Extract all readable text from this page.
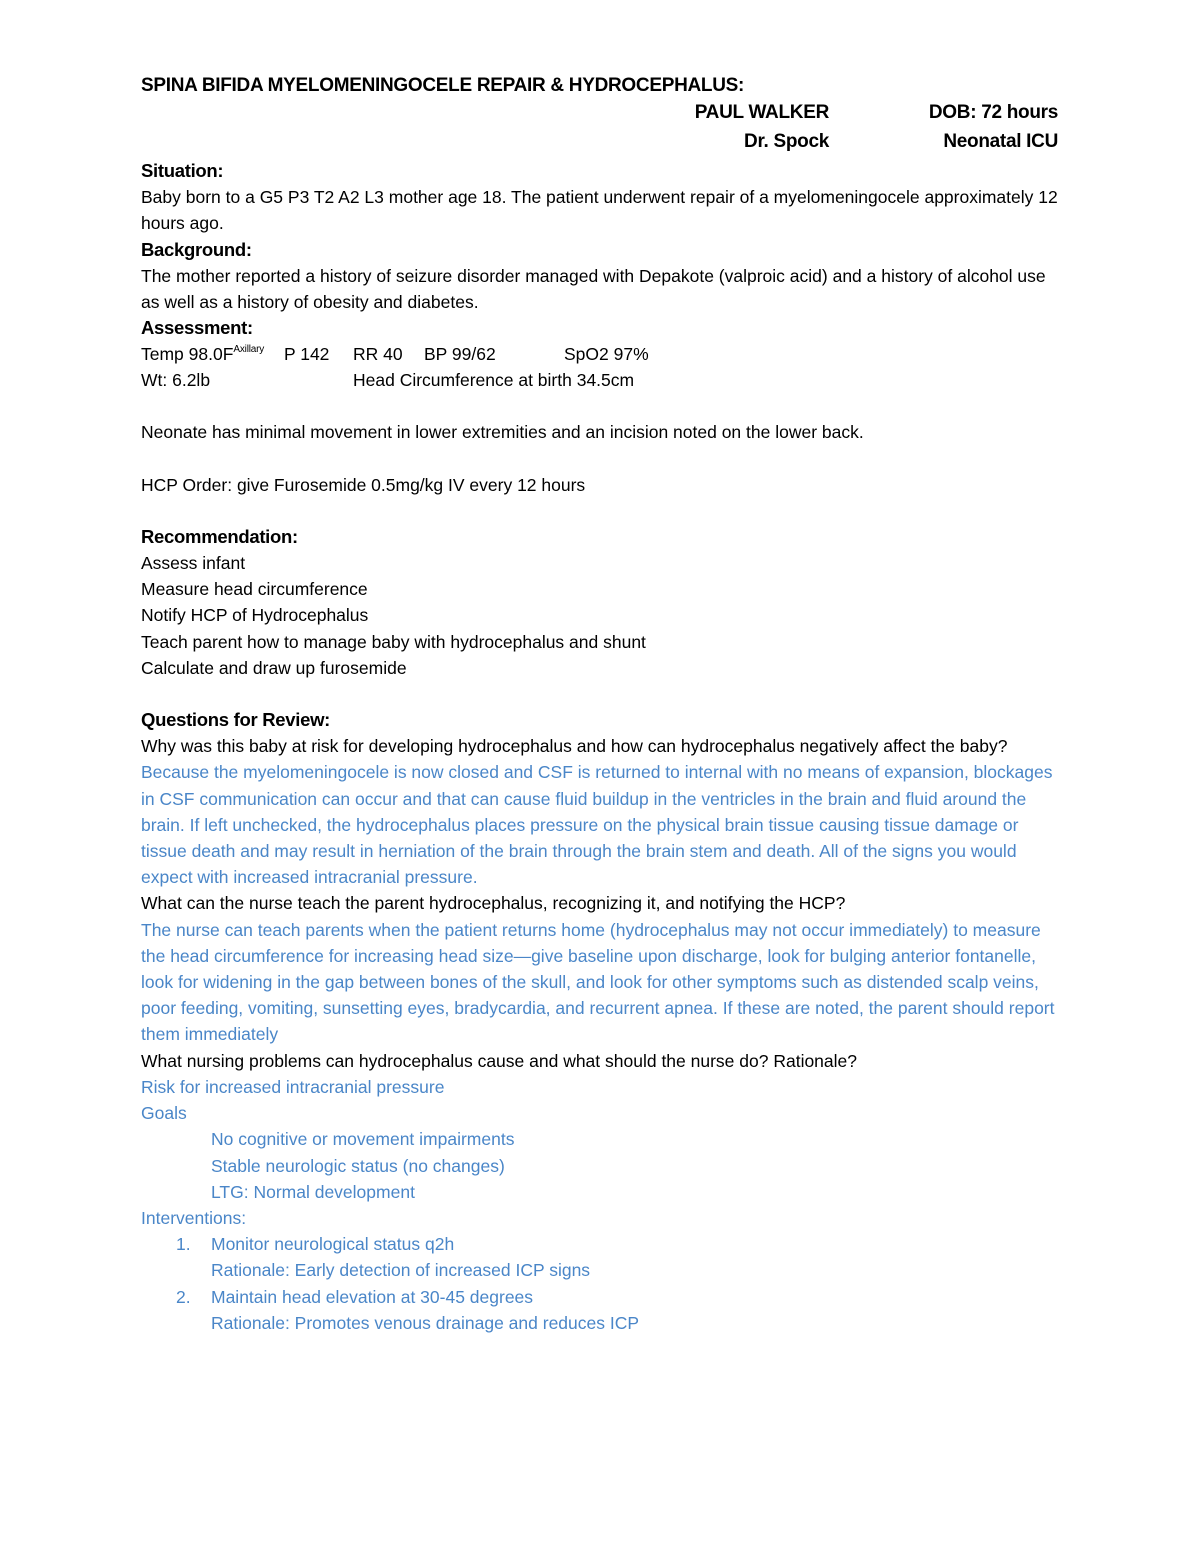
SPINA BIFIDA MYELOMENINGOCELE REPAIR & HYDROCEPHALUS:
PAUL WALKER	DOB: 72 hours
Dr. Spock	Neonatal ICU
Situation:
Baby born to a G5 P3 T2 A2 L3 mother age 18. The patient underwent repair of a myelomeningocele approximately 12 hours ago.
Background:
The mother reported a history of seizure disorder managed with Depakote (valproic acid) and a history of alcohol use as well as a history of obesity and diabetes.
Assessment:
Temp $98.0F^{Axillary}$ P 142 RR 40 BP 99/62	SpO2 97%
Wt: 6.2lb	Head Circumference at birth 34.5cm
Neonate has minimal movement in lower extremities and an incision noted on the lower back.
HCP Order: give Furosemide 0.5mg/kg IV every 12 hours
Recommendation:
Assess infant
Measure head circumference
Notify HCP of Hydrocephalus
Teach parent how to manage baby with hydrocephalus and shunt
Calculate and draw up furosemide
Questions for Review:
Why was this baby at risk for developing hydrocephalus and how can hydrocephalus negatively affect the baby?
Because the myelomeningocele is now closed and CSF is returned to internal with no means of expansion, blockages in CSF communication can occur and that can cause fluid buildup in the ventricles in the brain and fluid around the brain. If left unchecked, the hydrocephalus places pressure on the physical brain tissue causing tissue damage or tissue death and may result in herniation of the brain through the brain stem and death. All of the signs you would expect with increased intracranial pressure.
What can the nurse teach the parent hydrocephalus, recognizing it, and notifying the HCP?
The nurse can teach parents when the patient returns home (hydrocephalus may not occur immediately) to measure the head circumference for increasing head size—give baseline upon discharge, look for bulging anterior fontanelle, look for widening in the gap between bones of the skull, and look for other symptoms such as distended scalp veins, poor feeding, vomiting, sunsetting eyes, bradycardia, and recurrent apnea. If these are noted, the parent should report them immediately
What nursing problems can hydrocephalus cause and what should the nurse do? Rationale?
Risk for increased intracranial pressure
Goals
No cognitive or movement impairments
Stable neurologic status (no changes)
LTG: Normal development
Interventions:
1. Monitor neurological status q2h
Rationale: Early detection of increased ICP signs
2. Maintain head elevation at 30-45 degrees
Rationale: Promotes venous drainage and reduces ICP
